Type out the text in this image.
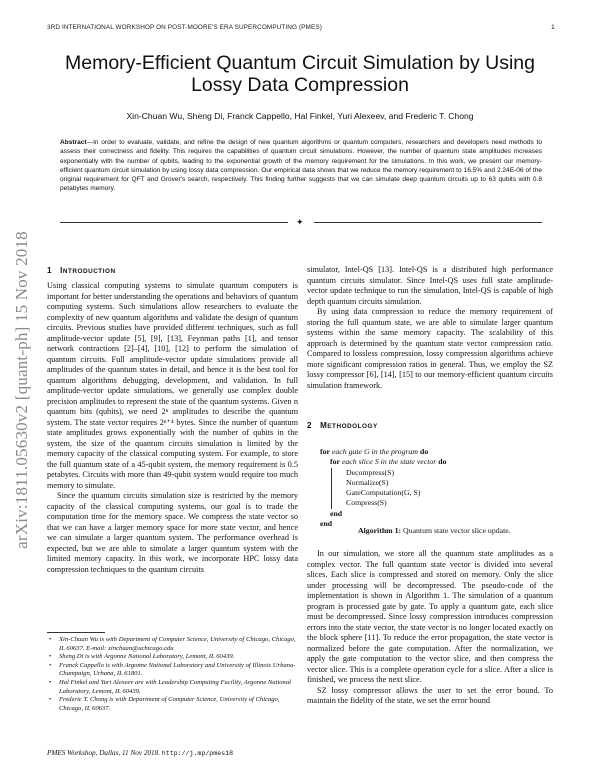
3RD INTERNATIONAL WORKSHOP ON POST-MOORE'S ERA SUPERCOMPUTING (PMES)	1
arXiv:1811.05630v2 [quant-ph] 15 Nov 2018
Memory-Efficient Quantum Circuit Simulation by Using
Lossy Data Compression
Xin-Chuan Wu, Sheng Di, Franck Cappello, Hal Finkel, Yuri Alexeev, and Frederic T. Chong
Abstract—In order to evaluate, validate, and refine the design of new quantum algorithms or quantum computers, researchers and developers need methods to assess their correctness and fidelity. This requires the capabilities of quantum circuit simulations. However, the number of quantum state amplitudes increases exponentially with the number of qubits, leading to the exponential growth of the memory requirement for the simulations. In this work, we present our memory-efficient quantum circuit simulation by using lossy data compression. Our empirical data shows that we reduce the memory requirement to 16.5% and 2.24E-06 of the original requirement for QFT and Grover's search, respectively. This finding further suggests that we can simulate deep quantum circuits up to 63 qubits with 0.8 petabytes memory.
✦
1 INTRODUCTION

Using classical computing systems to simulate quantum computers is important for better understanding the operations and behaviors of quantum computing systems. Such simulations allow researchers to evaluate the complexity of new quantum algorithms and validate the design of quantum circuits. Previous studies have provided different techniques, such as full amplitude-vector update [5], [9], [13], Feynman paths [1], and tensor network contractions [2]–[4], [10], [12] to perform the simulation of quantum circuits. Full amplitude-vector update simulations provide all amplitudes of the quantum states in detail, and hence it is the best tool for quantum algorithms debugging, development, and validation. In full amplitude-vector update simulations, we generally use complex double precision amplitudes to represent the state of the quantum systems. Given n quantum bits (qubits), we need 2ⁿ amplitudes to describe the quantum system. The state vector requires 2ⁿ⁺⁴ bytes. Since the number of quantum state amplitudes grows exponentially with the number of qubits in the system, the size of the quantum circuits simulation is limited by the memory capacity of the classical computing system. For example, to store the full quantum state of a 45-qubit system, the memory requirement is 0.5 petabytes. Circuits with more than 49-qubit system would require too much memory to simulate.

Since the quantum circuits simulation size is restricted by the memory capacity of the classical computing systems, our goal is to trade the computation time for the memory space. We compress the state vector so that we can have a larger memory space for more state vector, and hence we can simulate a larger quantum system. The performance overhead is expected, but we are able to simulate a larger quantum system with the limited memory capacity. In this work, we incorporate HPC lossy data compression techniques to the quantum circuits

• Xin-Chuan Wu is with Department of Computer Science, University of Chicago, Chicago, IL 60637. E-mail: xinchuan@uchicago.edu
• Sheng Di is with Argonne National Laboratory, Lemont, IL 60439.
• Franck Cappello is with Argonne National Laboratory and University of Illinois Urbana-Champaign, Urbana, IL 61801.
• Hal Finkel and Yuri Alexeev are with Leadership Computing Facility, Argonne National Laboratory, Lemont, IL 60439.
• Frederic T. Chong is with Department of Computer Science, University of Chicago, Chicago, IL 60637.
PMES Workshop, Dallas, 11 Nov 2018. http://j.mp/pmes18

simulator, Intel-QS [13]. Intel-QS is a distributed high performance quantum circuits simulator. Since Intel-QS uses full state amplitude-vector update technique to run the simulation, Intel-QS is capable of high depth quantum circuits simulation.

By using data compression to reduce the memory requirement of storing the full quantum state, we are able to simulate larger quantum systems within the same memory capacity. The scalability of this approach is determined by the quantum state vector compression ratio. Compared to lossless compression, lossy compression algorithms achieve more significant compression ratios in general. Thus, we employ the SZ lossy compressor [6], [14], [15] to our memory-efficient quantum circuits simulation framework.

2 METHODOLOGY
for each gate G in the program do
for each slice S in the state vector do
Decompress(S)
Normalize(S)
GateComputation(G, S)
Compress(S)
end
end
Algorithm 1: Quantum state vector slice update.

In our simulation, we store all the quantum state amplitudes as a complex vector. The full quantum state vector is divided into several slices. Each slice is compressed and stored on memory. Only the slice under processing will be decompressed. The pseudo-code of the implementation is shown in Algorithm 1. The simulation of a quantum program is processed gate by gate. To apply a quantum gate, each slice must be decompressed. Since lossy compression introduces compression errors into the state vector, the state vector is no longer located exactly on the block sphere [11]. To reduce the error propagation, the state vector is normalized before the gate computation. After the normalization, we apply the gate computation to the vector slice, and then compress the vector slice. This is a complete operation cycle for a slice. After a slice is finished, we process the next slice.

SZ lossy compressor allows the user to set the error bound. To maintain the fidelity of the state, we set the error bound
